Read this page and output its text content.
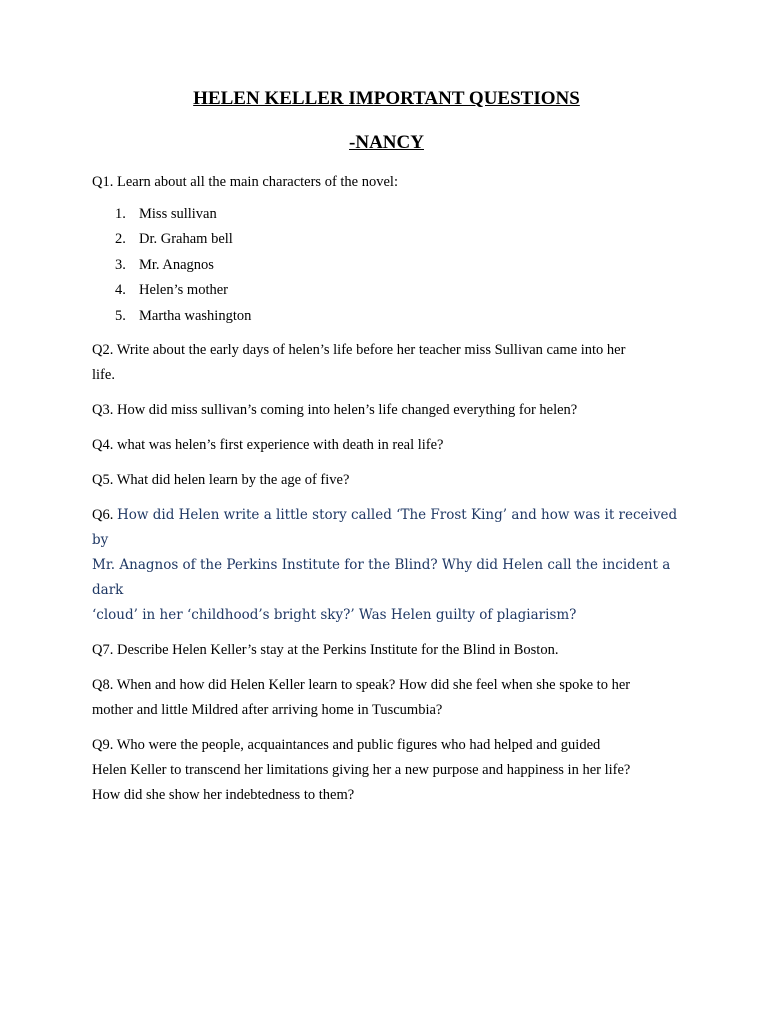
HELEN KELLER IMPORTANT QUESTIONS

-NANCY

Q1. Learn about all the main characters of the novel:

1. Miss sullivan
2. Dr. Graham bell
3. Mr. Anagnos
4. Helen’s mother
5. Martha washington

Q2. Write about the early days of helen’s life before her teacher miss Sullivan came into her
life.

Q3. How did miss sullivan’s coming into helen’s life changed everything for helen?

Q4. what was helen’s first experience with death in real life?

Q5. What did helen learn by the age of five?

Q6. How did Helen write a little story called ‘The Frost King’ and how was it received by
Mr. Anagnos of the Perkins Institute for the Blind? Why did Helen call the incident a dark
‘cloud’ in her ‘childhood’s bright sky?’ Was Helen guilty of plagiarism?

Q7. Describe Helen Keller’s stay at the Perkins Institute for the Blind in Boston.

Q8. When and how did Helen Keller learn to speak? How did she feel when she spoke to her
mother and little Mildred after arriving home in Tuscumbia?

Q9. Who were the people, acquaintances and public figures who had helped and guided
Helen Keller to transcend her limitations giving her a new purpose and happiness in her life?
How did she show her indebtedness to them?
